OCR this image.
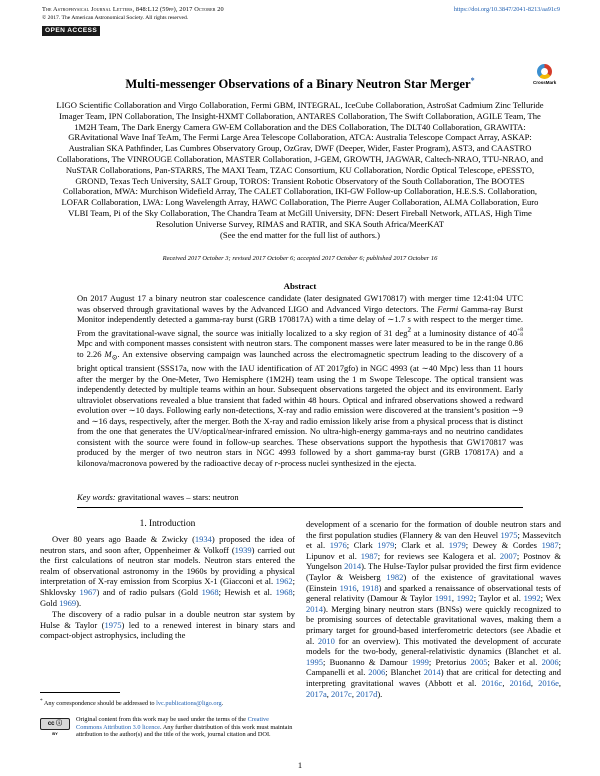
The Astrophysical Journal Letters, 848:L12 (59pp), 2017 October 20
© 2017. The American Astronomical Society. All rights reserved.
https://doi.org/10.3847/2041-8213/aa91c9
OPEN ACCESS
CrossMark
Multi-messenger Observations of a Binary Neutron Star Merger*
LIGO Scientific Collaboration and Virgo Collaboration, Fermi GBM, INTEGRAL, IceCube Collaboration, AstroSat Cadmium Zinc Telluride Imager Team, IPN Collaboration, The Insight-HXMT Collaboration, ANTARES Collaboration, The Swift Collaboration, AGILE Team, The 1M2H Team, The Dark Energy Camera GW-EM Collaboration and the DES Collaboration, The DLT40 Collaboration, GRAWITA: GRAvitational Wave Inaf TeAm, The Fermi Large Area Telescope Collaboration, ATCA: Australia Telescope Compact Array, ASKAP: Australian SKA Pathfinder, Las Cumbres Observatory Group, OzGrav, DWF (Deeper, Wider, Faster Program), AST3, and CAASTRO Collaborations, The VINROUGE Collaboration, MASTER Collaboration, J-GEM, GROWTH, JAGWAR, Caltech-NRAO, TTU-NRAO, and NuSTAR Collaborations, Pan-STARRS, The MAXI Team, TZAC Consortium, KU Collaboration, Nordic Optical Telescope, ePESSTO, GROND, Texas Tech University, SALT Group, TOROS: Transient Robotic Observatory of the South Collaboration, The BOOTES Collaboration, MWA: Murchison Widefield Array, The CALET Collaboration, IKI-GW Follow-up Collaboration, H.E.S.S. Collaboration, LOFAR Collaboration, LWA: Long Wavelength Array, HAWC Collaboration, The Pierre Auger Collaboration, ALMA Collaboration, Euro VLBI Team, Pi of the Sky Collaboration, The Chandra Team at McGill University, DFN: Desert Fireball Network, ATLAS, High Time Resolution Universe Survey, RIMAS and RATIR, and SKA South Africa/MeerKAT
(See the end matter for the full list of authors.)
Received 2017 October 3; revised 2017 October 6; accepted 2017 October 6; published 2017 October 16
Abstract
On 2017 August 17 a binary neutron star coalescence candidate (later designated GW170817) with merger time 12:41:04 UTC was observed through gravitational waves by the Advanced LIGO and Advanced Virgo detectors. The Fermi Gamma-ray Burst Monitor independently detected a gamma-ray burst (GRB 170817A) with a time delay of ∼1.7 s with respect to the merger time. From the gravitational-wave signal, the source was initially localized to a sky region of 31 deg$^2$ at a luminosity distance of 40+8
−8 Mpc and with component masses consistent with neutron stars. The component masses were later measured to be in the range 0.86 to 2.26 $M_⊙$. An extensive observing campaign was launched across the electromagnetic spectrum leading to the discovery of a bright optical transient (SSS17a, now with the IAU identification of AT 2017gfo) in NGC 4993 (at ∼40 Mpc) less than 11 hours after the merger by the One-Meter, Two Hemisphere (1M2H) team using the 1 m Swope Telescope. The optical transient was independently detected by multiple teams within an hour. Subsequent observations targeted the object and its environment. Early ultraviolet observations revealed a blue transient that faded within 48 hours. Optical and infrared observations showed a redward evolution over ∼10 days. Following early non-detections, X-ray and radio emission were discovered at the transient’s position ∼9 and ∼16 days, respectively, after the merger. Both the X-ray and radio emission likely arise from a physical process that is distinct from the one that generates the UV/optical/near-infrared emission. No ultra-high-energy gamma-rays and no neutrino candidates consistent with the source were found in follow-up searches. These observations support the hypothesis that GW170817 was produced by the merger of two neutron stars in NGC 4993 followed by a short gamma-ray burst (GRB 170817A) and a kilonova/macronova powered by the radioactive decay of r-process nuclei synthesized in the ejecta.
Key words: gravitational waves – stars: neutron
1. Introduction

Over 80 years ago Baade & Zwicky (1934) proposed the idea of neutron stars, and soon after, Oppenheimer & Volkoff (1939) carried out the first calculations of neutron star models. Neutron stars entered the realm of observational astronomy in the 1960s by providing a physical interpretation of X-ray emission from Scorpius X-1 (Giacconi et al. 1962; Shklovsky 1967) and of radio pulsars (Gold 1968; Hewish et al. 1968; Gold 1969).

The discovery of a radio pulsar in a double neutron star system by Hulse & Taylor (1975) led to a renewed interest in binary stars and compact-object astrophysics, including the

development of a scenario for the formation of double neutron stars and the first population studies (Flannery & van den Heuvel 1975; Massevitch et al. 1976; Clark 1979; Clark et al. 1979; Dewey & Cordes 1987; Lipunov et al. 1987; for reviews see Kalogera et al. 2007; Postnov & Yungelson 2014). The Hulse-Taylor pulsar provided the first firm evidence (Taylor & Weisberg 1982) of the existence of gravitational waves (Einstein 1916, 1918) and sparked a renaissance of observational tests of general relativity (Damour & Taylor 1991, 1992; Taylor et al. 1992; Wex 2014). Merging binary neutron stars (BNSs) were quickly recognized to be promising sources of detectable gravitational waves, making them a primary target for ground-based interferometric detectors (see Abadie et al. 2010 for an overview). This motivated the development of accurate models for the two-body, general-relativistic dynamics (Blanchet et al. 1995; Buonanno & Damour 1999; Pretorius 2005; Baker et al. 2006; Campanelli et al. 2006; Blanchet 2014) that are critical for detecting and interpreting gravitational waves (Abbott et al. 2016c, 2016d, 2016e, 2017a, 2017c, 2017d).

* Any correspondence should be addressed to lvc.publications@ligo.org.
cc ⓘ
BY
Original content from this work may be used under the terms of the Creative Commons Attribution 3.0 licence. Any further distribution of this work must maintain attribution to the author(s) and the title of the work, journal citation and DOI.
1
